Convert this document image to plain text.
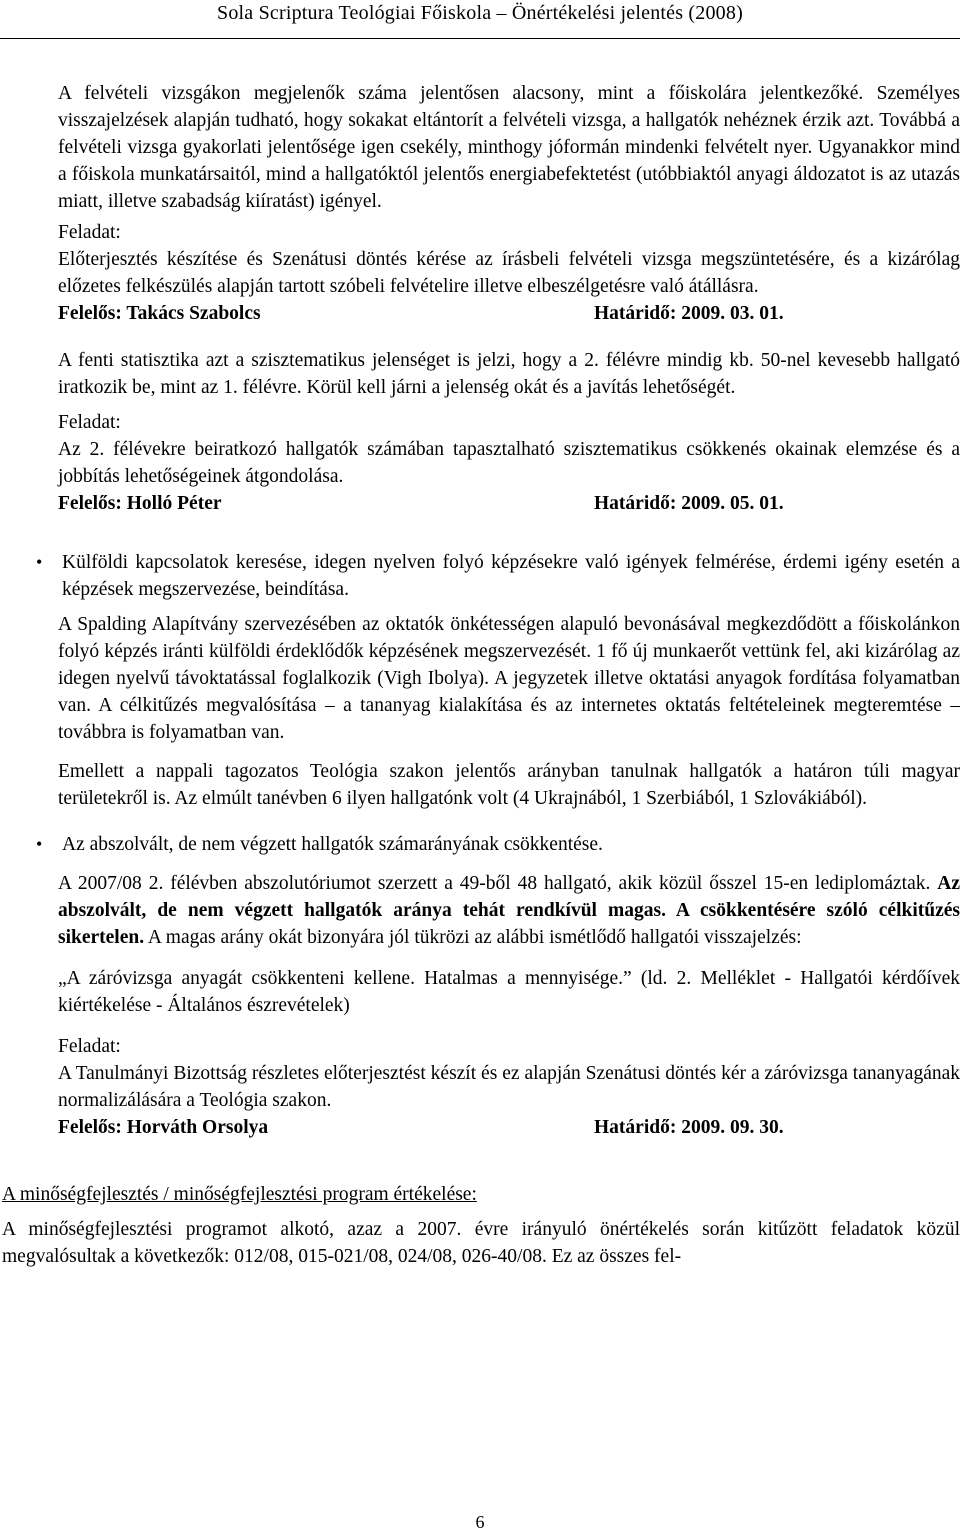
Sola Scriptura Teológiai Főiskola – Önértékelési jelentés (2008)

A felvételi vizsgákon megjelenők száma jelentősen alacsony, mint a főiskolára jelentkezőké. Személyes visszajelzések alapján tudható, hogy sokakat eltántorít a felvételi vizsga, a hallgatók nehéznek érzik azt. Továbbá a felvételi vizsga gyakorlati jelentősége igen csekély, minthogy jóformán mindenki felvételt nyer. Ugyanakkor mind a főiskola munkatársaitól, mind a hallgatóktól jelentős energiabefektetést (utóbbiaktól anyagi áldozatot is az utazás miatt, illetve szabadság kiíratást) igényel.

Feladat:

Előterjesztés készítése és Szenátusi döntés kérése az írásbeli felvételi vizsga megszüntetésére, és a kizárólag előzetes felkészülés alapján tartott szóbeli felvételire illetve elbeszélgetésre való átállásra.

Felelős: Takács Szabolcs	Határidő: 2009. 03. 01.

A fenti statisztika azt a szisztematikus jelenséget is jelzi, hogy a 2. félévre mindig kb. 50-nel kevesebb hallgató iratkozik be, mint az 1. félévre. Körül kell járni a jelenség okát és a javítás lehetőségét.

Feladat:

Az 2. félévekre beiratkozó hallgatók számában tapasztalható szisztematikus csökkenés okainak elemzése és a jobbítás lehetőségeinek átgondolása.

Felelős: Holló Péter	Határidő: 2009. 05. 01.
• Külföldi kapcsolatok keresése, idegen nyelven folyó képzésekre való igények felmérése, érdemi igény esetén a képzések megszervezése, beindítása.

A Spalding Alapítvány szervezésében az oktatók önkétességen alapuló bevonásával megkezdődött a főiskolánkon folyó képzés iránti külföldi érdeklődők képzésének megszervezését. 1 fő új munkaerőt vettünk fel, aki kizárólag az idegen nyelvű távoktatással foglalkozik (Vigh Ibolya). A jegyzetek illetve oktatási anyagok fordítása folyamatban van. A célkitűzés megvalósítása – a tananyag kialakítása és az internetes oktatás feltételeinek megteremtése – továbbra is folyamatban van.

Emellett a nappali tagozatos Teológia szakon jelentős arányban tanulnak hallgatók a határon túli magyar területekről is. Az elmúlt tanévben 6 ilyen hallgatónk volt (4 Ukrajnából, 1 Szerbiából, 1 Szlovákiából).

• Az abszolvált, de nem végzett hallgatók számarányának csökkentése.

A 2007/08 2. félévben abszolutóriumot szerzett a 49-ből 48 hallgató, akik közül ősszel 15-en lediplomáztak. Az abszolvált, de nem végzett hallgatók aránya tehát rendkívül magas. A csökkentésére szóló célkitűzés sikertelen. A magas arány okát bizonyára jól tükrözi az alábbi ismétlődő hallgatói visszajelzés:

„A záróvizsga anyagát csökkenteni kellene. Hatalmas a mennyisége.” (ld. 2. Melléklet - Hallgatói kérdőívek kiértékelése - Általános észrevételek)

Feladat:

A Tanulmányi Bizottság részletes előterjesztést készít és ez alapján Szenátusi döntés kér a záróvizsga tananyagának normalizálására a Teológia szakon.

Felelős: Horváth Orsolya	Határidő: 2009. 09. 30.
A minőségfejlesztés / minőségfejlesztési program értékelése:

A minőségfejlesztési programot alkotó, azaz a 2007. évre irányuló önértékelés során kitűzött feladatok közül megvalósultak a következők: 012/08, 015-021/08, 024/08, 026-40/08. Ez az összes fel-

6
